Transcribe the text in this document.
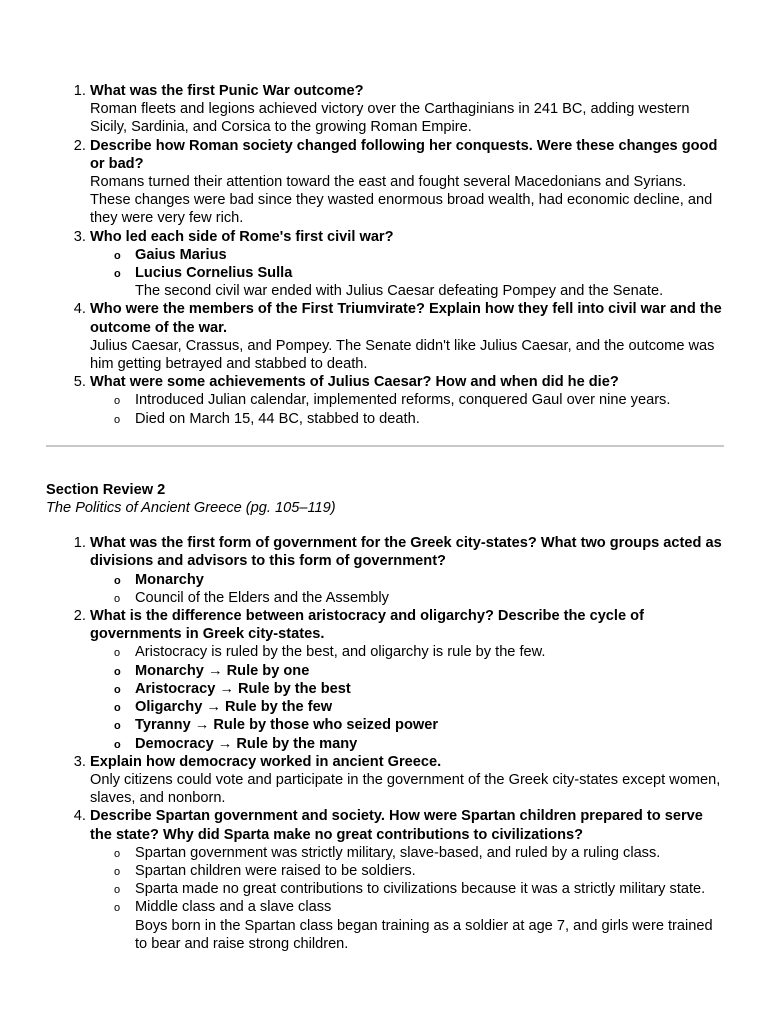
1. What was the first Punic War outcome?
Roman fleets and legions achieved victory over the Carthaginians in 241 BC, adding western Sicily, Sardinia, and Corsica to the growing Roman Empire.
2. Describe how Roman society changed following her conquests. Were these changes good or bad?
Romans turned their attention toward the east and fought several Macedonians and Syrians. These changes were bad since they wasted enormous broad wealth, had economic decline, and they were very few rich.
3. Who led each side of Rome's first civil war?
o Gaius Marius
o Lucius Cornelius Sulla
The second civil war ended with Julius Caesar defeating Pompey and the Senate.
4. Who were the members of the First Triumvirate? Explain how they fell into civil war and the outcome of the war.
Julius Caesar, Crassus, and Pompey. The Senate didn't like Julius Caesar, and the outcome was him getting betrayed and stabbed to death.
5. What were some achievements of Julius Caesar? How and when did he die?
o Introduced Julian calendar, implemented reforms, conquered Gaul over nine years.
o Died on March 15, 44 BC, stabbed to death.
Section Review 2
The Politics of Ancient Greece (pg. 105–119)
1. What was the first form of government for the Greek city-states? What two groups acted as divisions and advisors to this form of government?
o Monarchy
o Council of the Elders and the Assembly
2. What is the difference between aristocracy and oligarchy? Describe the cycle of governments in Greek city-states.
o Aristocracy is ruled by the best, and oligarchy is rule by the few.
o Monarchy → Rule by one
o Aristocracy → Rule by the best
o Oligarchy → Rule by the few
o Tyranny → Rule by those who seized power
o Democracy → Rule by the many
3. Explain how democracy worked in ancient Greece.
Only citizens could vote and participate in the government of the Greek city-states except women, slaves, and nonborn.
4. Describe Spartan government and society. How were Spartan children prepared to serve the state? Why did Sparta make no great contributions to civilizations?
o Spartan government was strictly military, slave-based, and ruled by a ruling class.
o Spartan children were raised to be soldiers.
o Sparta made no great contributions to civilizations because it was a strictly military state.
o Middle class and a slave class
Boys born in the Spartan class began training as a soldier at age 7, and girls were trained to bear and raise strong children.
